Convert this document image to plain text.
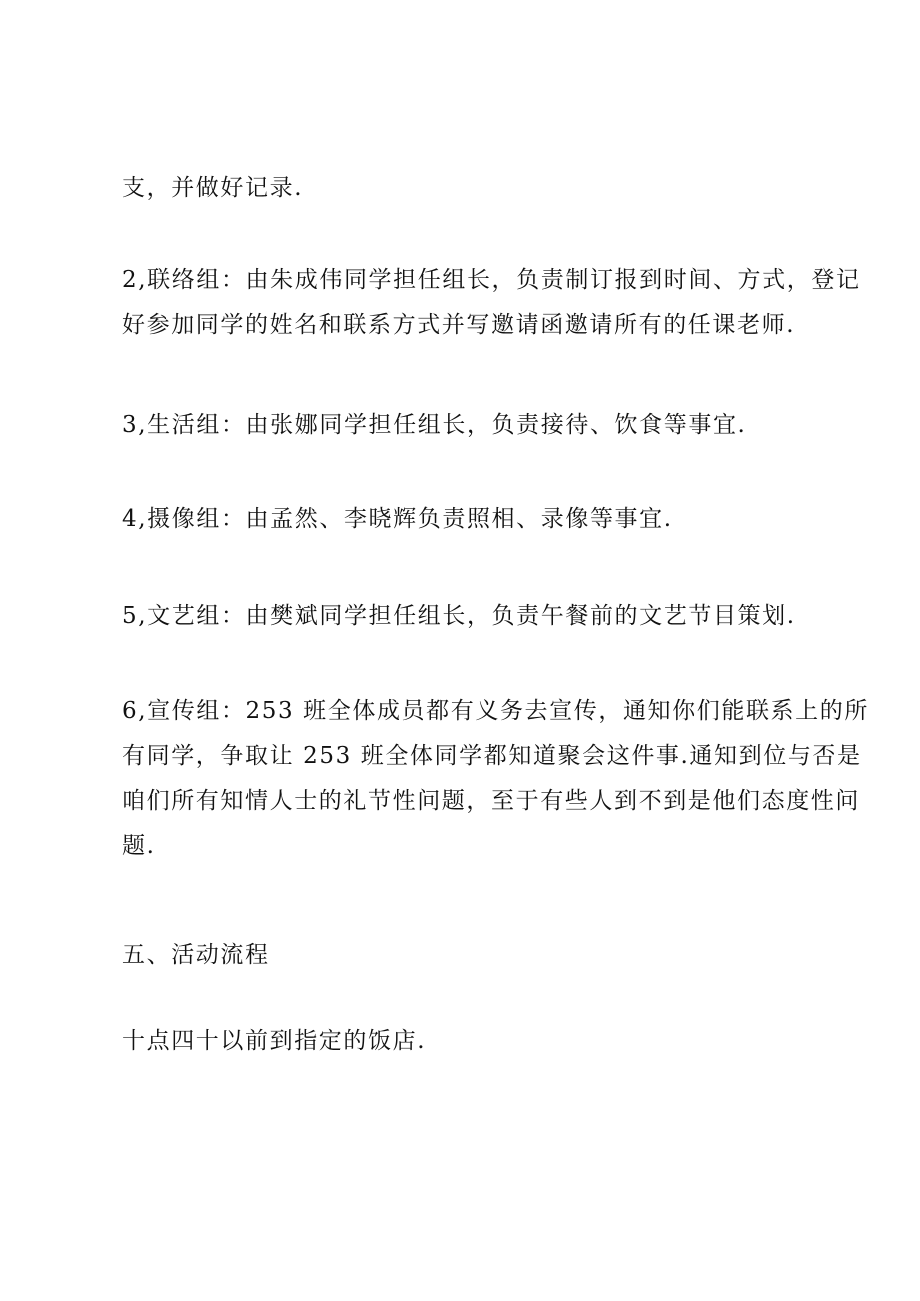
支，并做好记录.

2,联络组：由朱成伟同学担任组长，负责制订报到时间、方式，登记
好参加同学的姓名和联系方式并写邀请函邀请所有的任课老师.

3,生活组：由张娜同学担任组长，负责接待、饮食等事宜.

4,摄像组：由孟然、李晓辉负责照相、录像等事宜.

5,文艺组：由樊斌同学担任组长，负责午餐前的文艺节目策划.

6,宣传组：253 班全体成员都有义务去宣传，通知你们能联系上的所
有同学，争取让 253 班全体同学都知道聚会这件事.通知到位与否是
咱们所有知情人士的礼节性问题，至于有些人到不到是他们态度性问
题.

五、活动流程

十点四十以前到指定的饭店.
